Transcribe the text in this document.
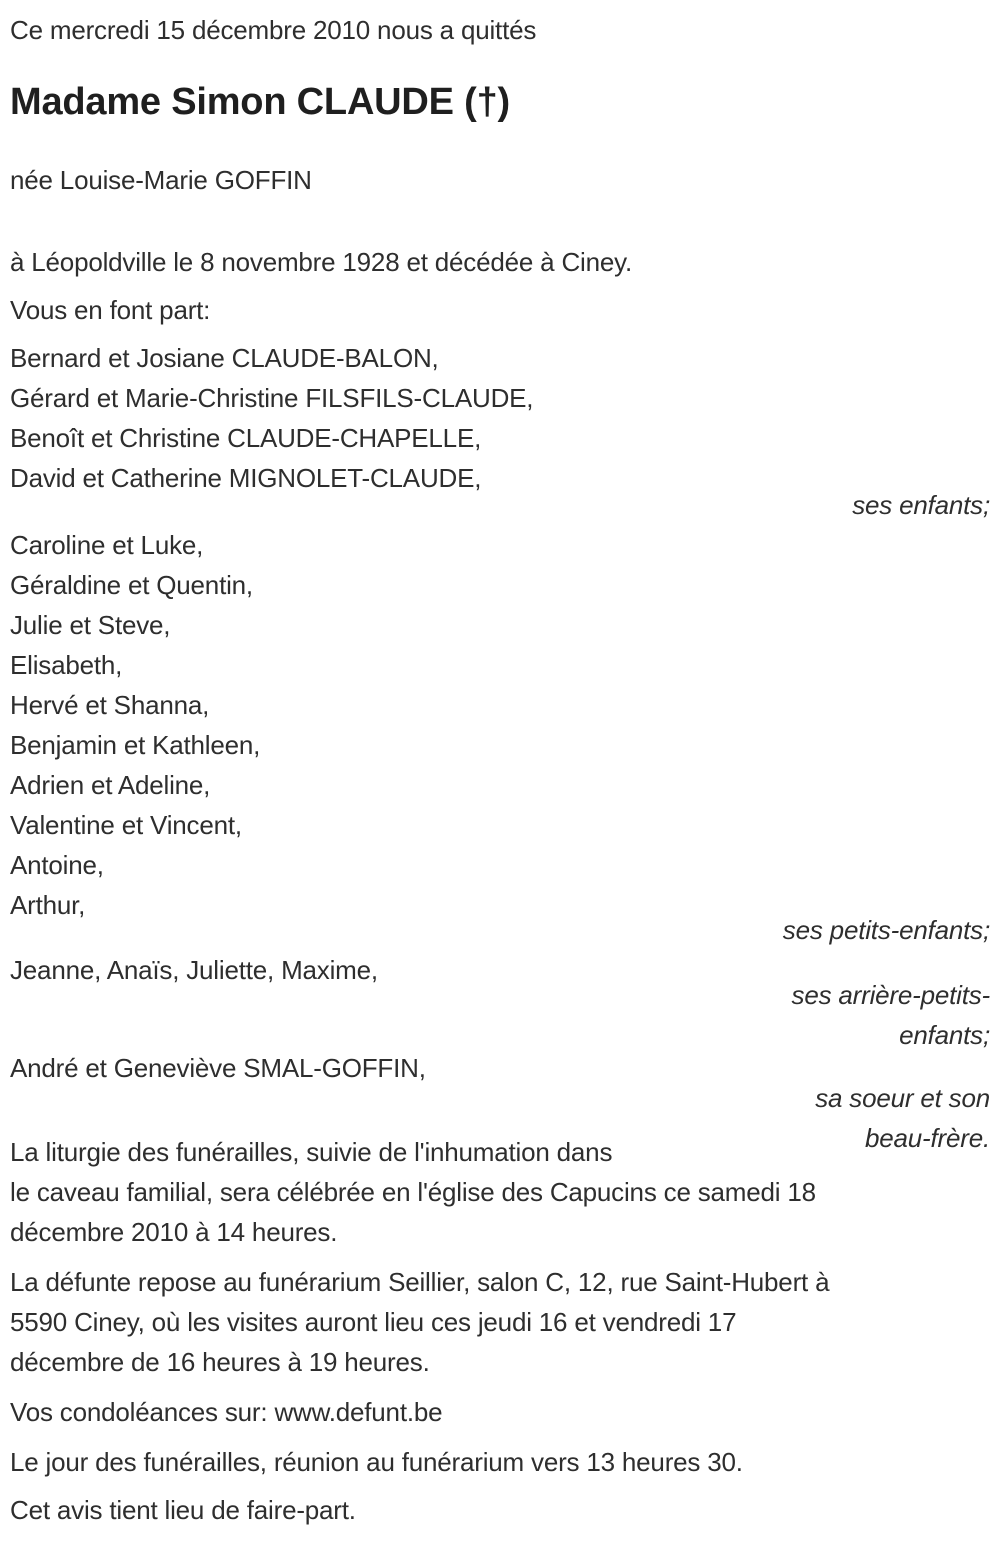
Ce mercredi 15 décembre 2010 nous a quittés
Madame Simon CLAUDE (†)
née Louise-Marie GOFFIN
à Léopoldville le 8 novembre 1928 et décédée à Ciney.
Vous en font part:
Bernard et Josiane CLAUDE-BALON,
Gérard et Marie-Christine FILSFILS-CLAUDE,
Benoît et Christine CLAUDE-CHAPELLE,
David et Catherine MIGNOLET-CLAUDE,
ses enfants;
Caroline et Luke,
Géraldine et Quentin,
Julie et Steve,
Elisabeth,
Hervé et Shanna,
Benjamin et Kathleen,
Adrien et Adeline,
Valentine et Vincent,
Antoine,
Arthur,
ses petits-enfants;
Jeanne, Anaïs, Juliette, Maxime,
ses arrière-petits-
enfants;
André et Geneviève SMAL-GOFFIN,
sa soeur et son
beau-frère.
La liturgie des funérailles, suivie de l'inhumation dans
le caveau familial, sera célébrée en l'église des Capucins ce samedi 18
décembre 2010 à 14 heures.
La défunte repose au funérarium Seillier, salon C, 12, rue Saint-Hubert à
5590 Ciney, où les visites auront lieu ces jeudi 16 et vendredi 17
décembre de 16 heures à 19 heures.
Vos condoléances sur: www.defunt.be
Le jour des funérailles, réunion au funérarium vers 13 heures 30.
Cet avis tient lieu de faire-part.
